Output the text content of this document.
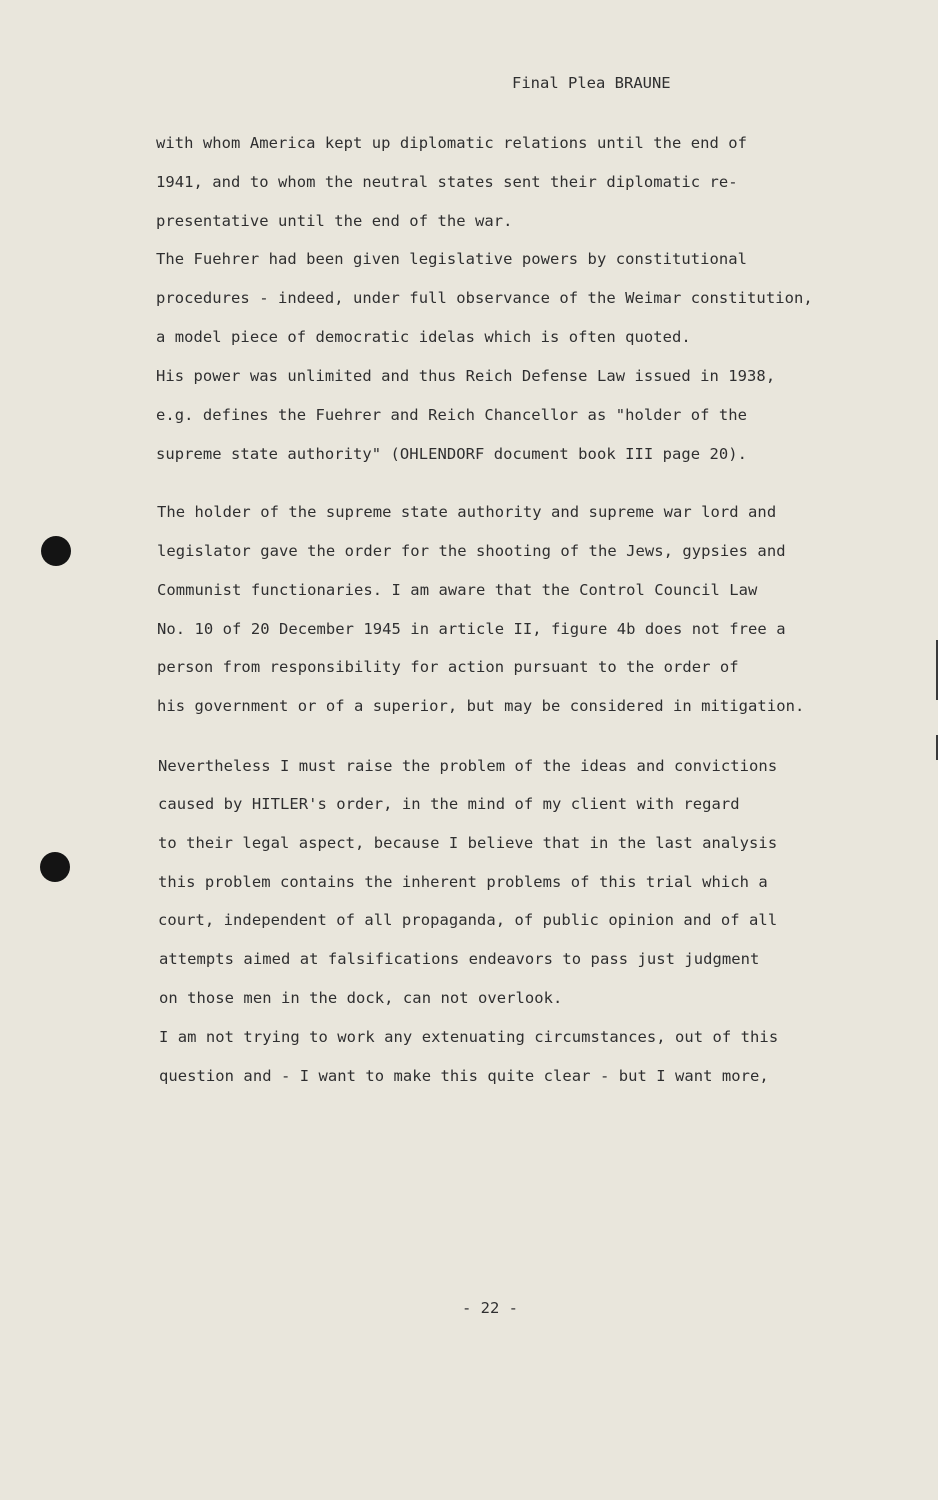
Final Plea BRAUNE
with whom America kept up diplomatic relations until the end of
1941, and to whom the neutral states sent their diplomatic re-
presentative until the end of the war.
The Fuehrer had been given legislative powers by constitutional
procedures - indeed, under full observance of the Weimar constitution,
a model piece of democratic idelas which is often quoted.
His power was unlimited and thus Reich Defense Law issued in 1938,
e.g. defines the Fuehrer and Reich Chancellor as "holder of the
supreme state authority" (OHLENDORF document book III page 20).
The holder of the supreme state authority and supreme war lord and
legislator gave the order for the shooting of the Jews, gypsies and
Communist functionaries. I am aware that the Control Council Law
No. 10 of 20 December 1945 in article II, figure 4b does not free a
person from responsibility for action pursuant to the order of
his government or of a superior, but may be considered in mitigation.
Nevertheless I must raise the problem of the ideas and convictions
caused by HITLER's order, in the mind of my client with regard
to their legal aspect, because I believe that in the last analysis
this problem contains the inherent problems of this trial which a
court, independent of all propaganda, of public opinion and of all
attempts aimed at falsifications endeavors to pass just judgment
on those men in the dock, can not overlook.
I am not trying to work any extenuating circumstances, out of this
question and - I want to make this quite clear - but I want more,
- 22 -
